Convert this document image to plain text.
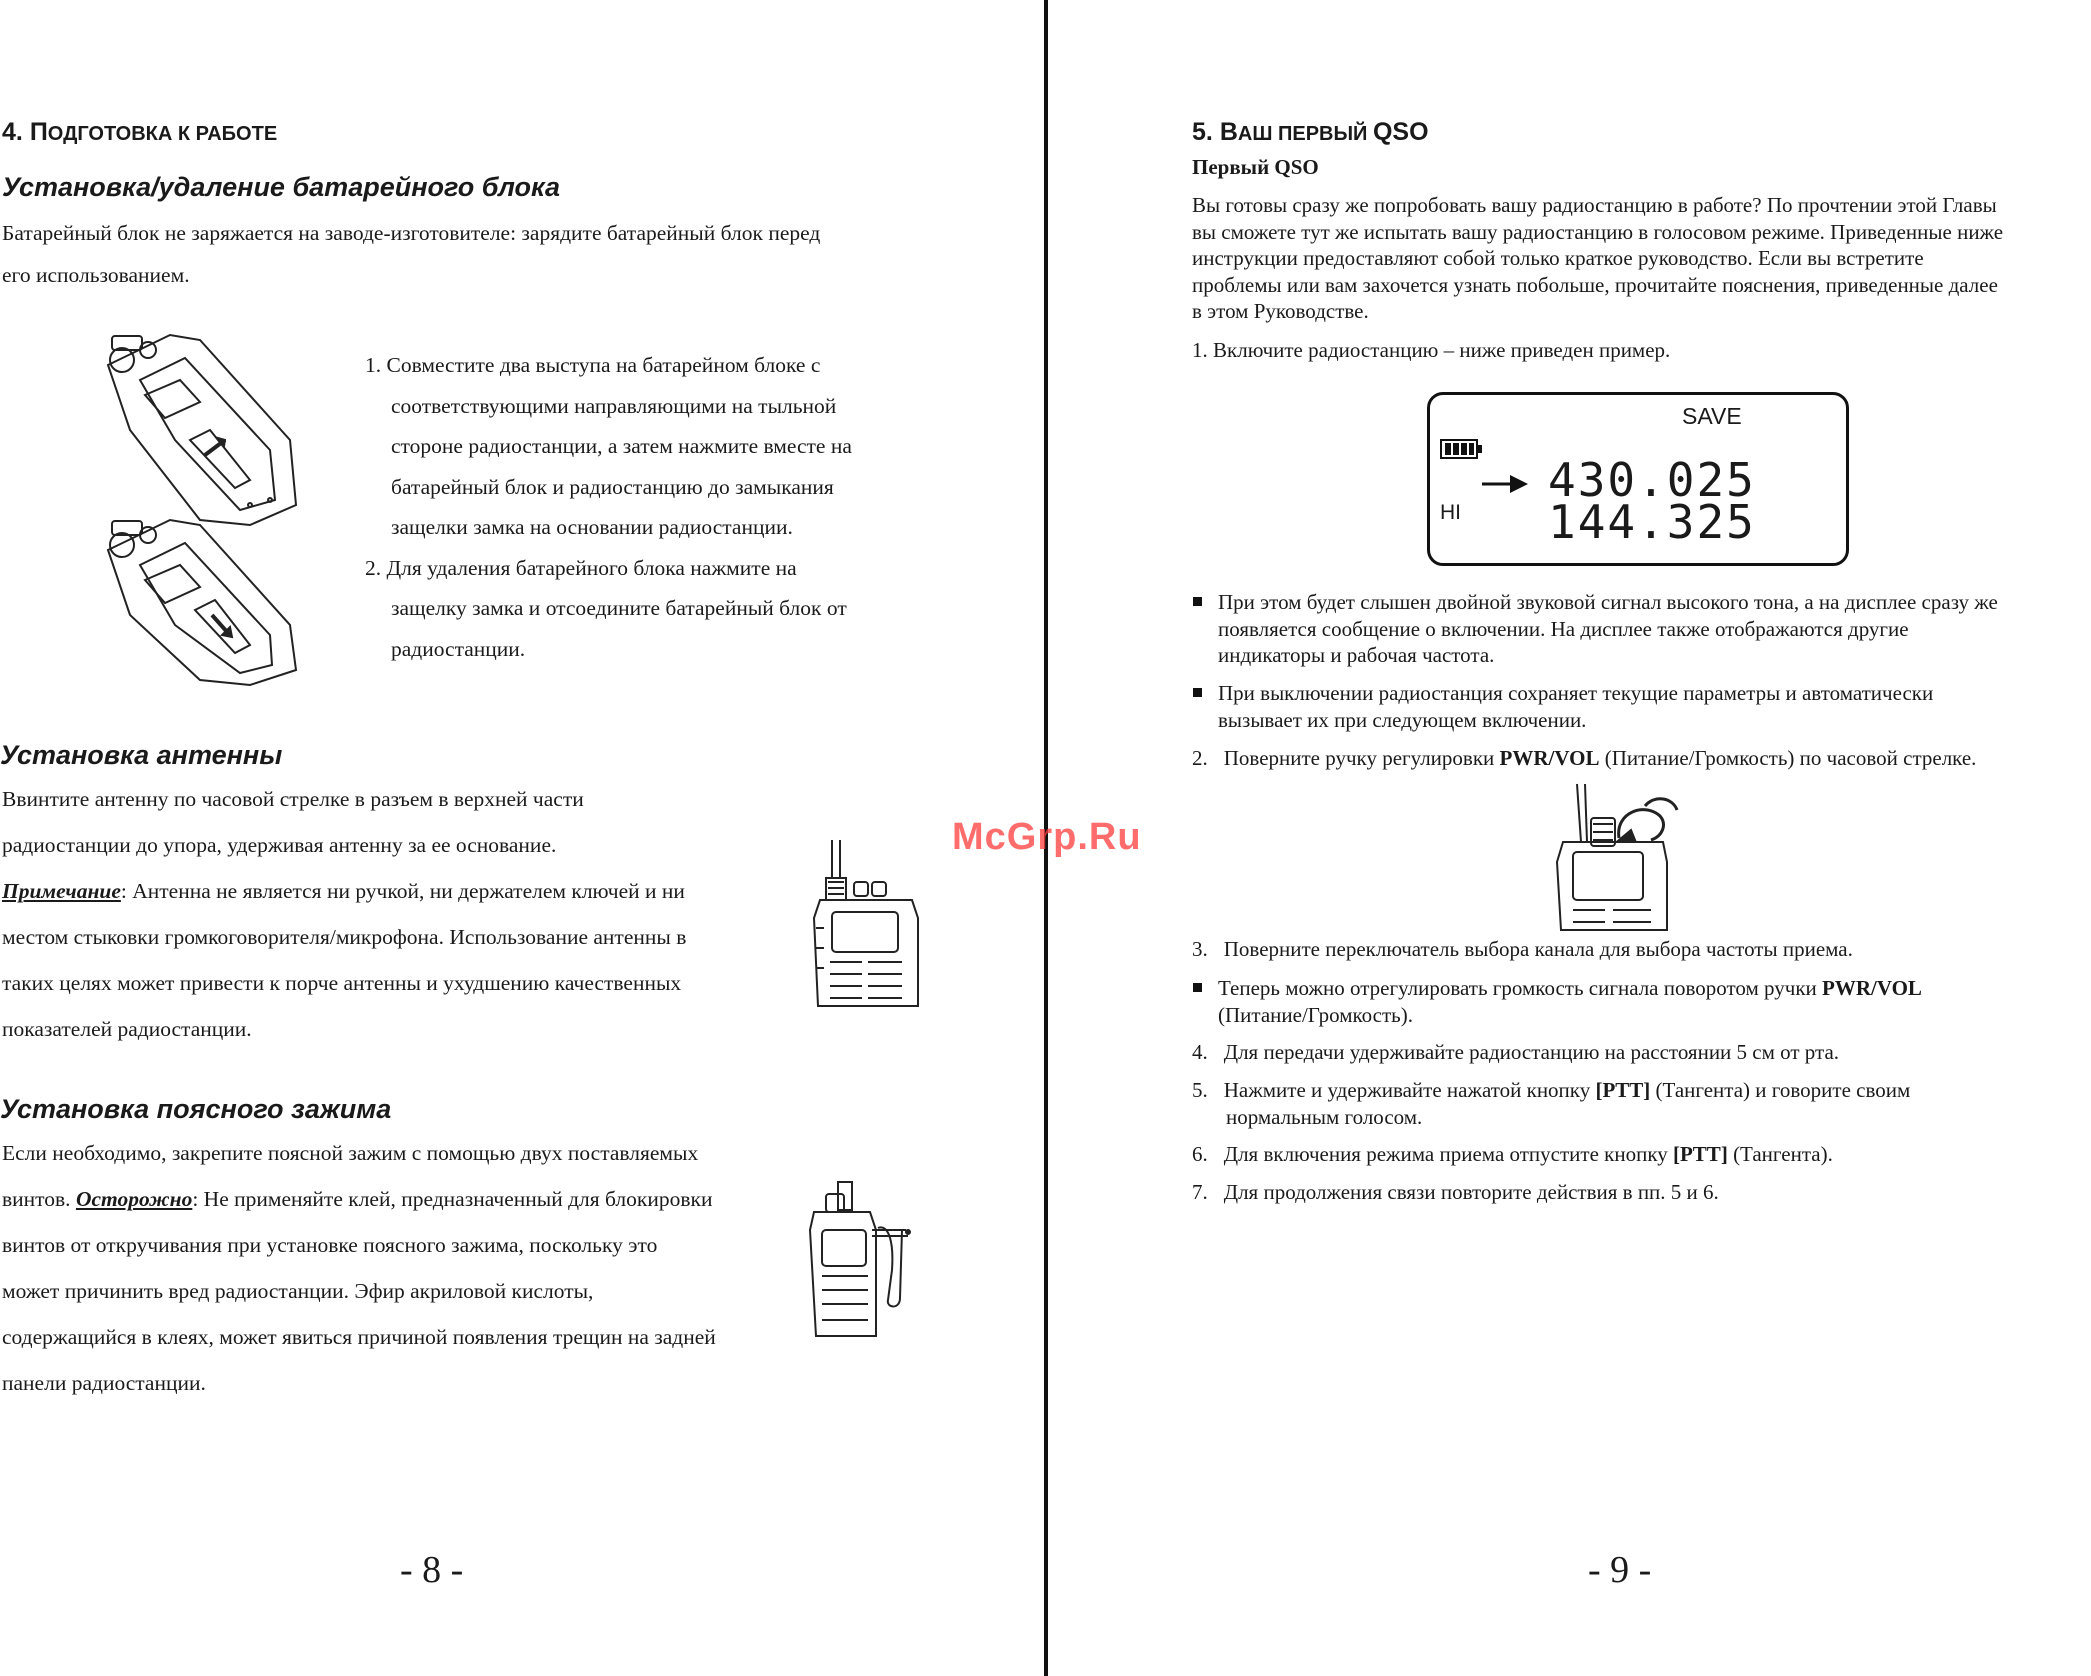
4. ПОДГОТОВКА К РАБОТЕ
Установка/удаление батарейного блока
Батарейный блок не заряжается на заводе-изготовителе: зарядите батарейный блок перед
его использованием.
1. Совместите два выступа на батарейном блоке с
соответствующими направляющими на тыльной
стороне радиостанции, а затем нажмите вместе на
батарейный блок и радиостанцию до замыкания
защелки замка на основании радиостанции.
2. Для удаления батарейного блока нажмите на
защелку замка и отсоедините батарейный блок от
радиостанции.
Установка антенны
Ввинтите антенну по часовой стрелке в разъем в верхней части
радиостанции до упора, удерживая антенну за ее основание.
Примечание: Антенна не является ни ручкой, ни держателем ключей и ни
местом стыковки громкоговорителя/микрофона. Использование антенны в
таких целях может привести к порче антенны и ухудшению качественных
показателей радиостанции.
Установка поясного зажима
Если необходимо, закрепите поясной зажим с помощью двух поставляемых
винтов. Осторожно: Не применяйте клей, предназначенный для блокировки
винтов от откручивания при установке поясного зажима, поскольку это
может причинить вред радиостанции. Эфир акриловой кислоты,
содержащийся в клеях, может явиться причиной появления трещин на задней
панели радиостанции.
- 8 -
5. ВАШ ПЕРВЫЙ QSO
Первый QSO
Вы готовы сразу же попробовать вашу радиостанцию в работе? По прочтении этой Главы
вы сможете тут же испытать вашу радиостанцию в голосовом режиме. Приведенные ниже
инструкции предоставляют собой только краткое руководство. Если вы встретите
проблемы или вам захочется узнать побольше, прочитайте пояснения, приведенные далее
в этом Руководстве.
1. Включите радиостанцию – ниже приведен пример.
SAVE
HI
430.025
144.325
При этом будет слышен двойной звуковой сигнал высокого тона, а на дисплее сразу же
появляется сообщение о включении. На дисплее также отображаются другие
индикаторы и рабочая частота.
При выключении радиостанция сохраняет текущие параметры и автоматически
вызывает их при следующем включении.
2. Поверните ручку регулировки PWR/VOL (Питание/Громкость) по часовой стрелке.
3. Поверните переключатель выбора канала для выбора частоты приема.
Теперь можно отрегулировать громкость сигнала поворотом ручки PWR/VOL
(Питание/Громкость).
4. Для передачи удерживайте радиостанцию на расстоянии 5 см от рта.
5. Нажмите и удерживайте нажатой кнопку [PTT] (Тангента) и говорите своим
нормальным голосом.
6. Для включения режима приема отпустите кнопку [PTT] (Тангента).
7. Для продолжения связи повторите действия в пп. 5 и 6.
- 9 -
McGrp.Ru
